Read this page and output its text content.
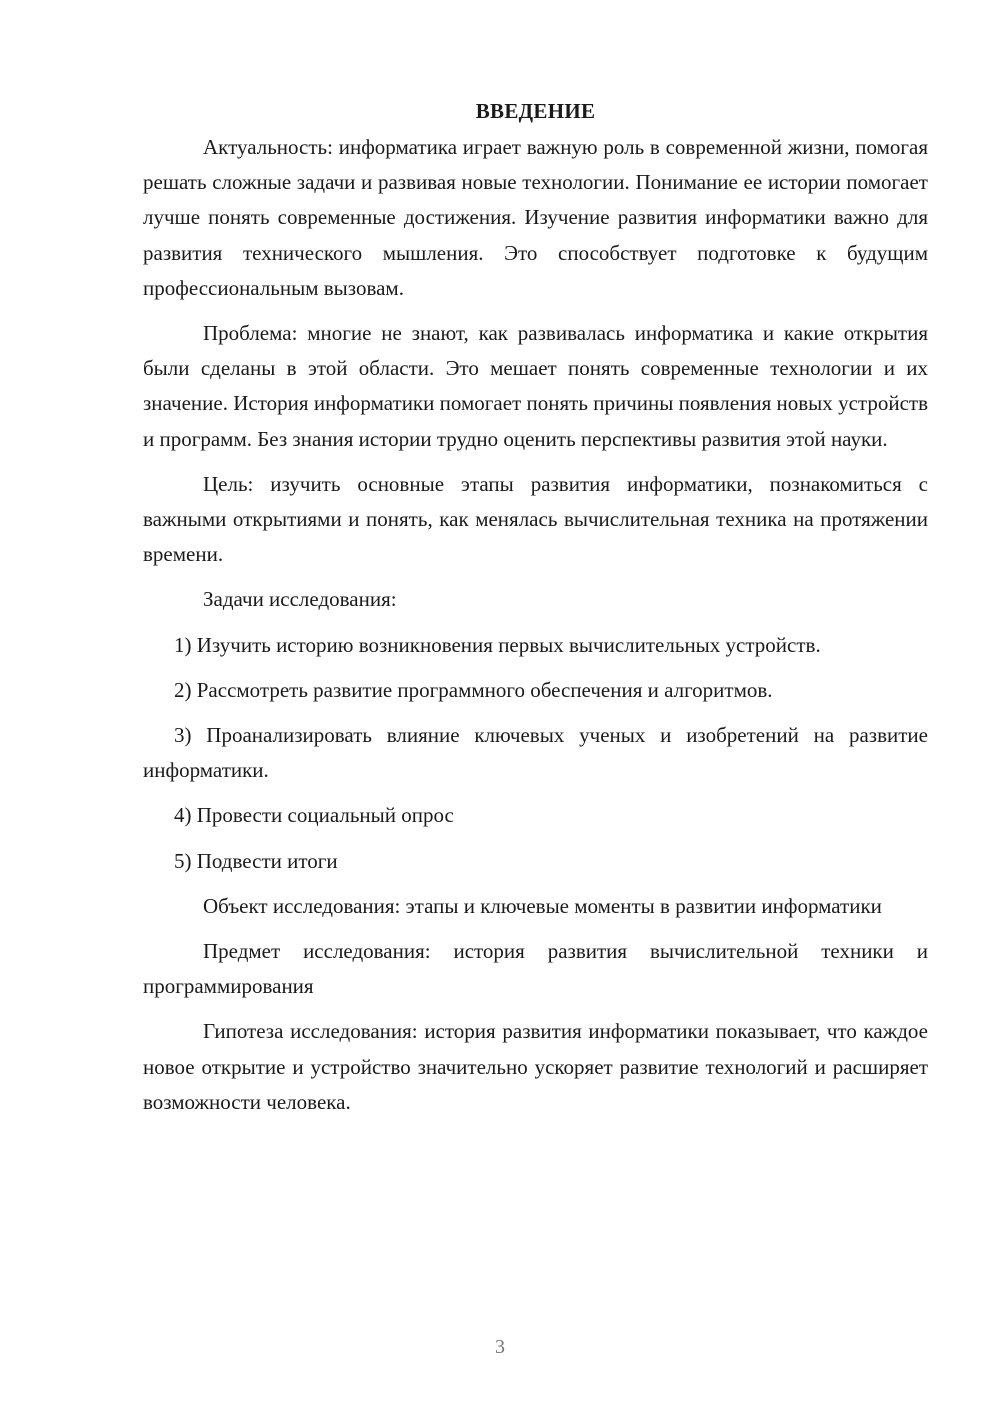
ВВЕДЕНИЕ

Актуальность: информатика играет важную роль в современной жизни, помогая решать сложные задачи и развивая новые технологии. Понимание ее истории помогает лучше понять современные достижения. Изучение развития информатики важно для развития технического мышления. Это способствует подготовке к будущим профессиональным вызовам.

Проблема: многие не знают, как развивалась информатика и какие открытия были сделаны в этой области. Это мешает понять современные технологии и их значение. История информатики помогает понять причины появления новых устройств и программ. Без знания истории трудно оценить перспективы развития этой науки.

Цель: изучить основные этапы развития информатики, познакомиться с важными открытиями и понять, как менялась вычислительная техника на протяжении времени.

Задачи исследования:

1) Изучить историю возникновения первых вычислительных устройств.

2) Рассмотреть развитие программного обеспечения и алгоритмов.

3) Проанализировать влияние ключевых ученых и изобретений на развитие информатики.

4) Провести социальный опрос

5) Подвести итоги

Объект исследования: этапы и ключевые моменты в развитии информатики

Предмет исследования: история развития вычислительной техники и программирования

Гипотеза исследования: история развития информатики показывает, что каждое новое открытие и устройство значительно ускоряет развитие технологий и расширяет возможности человека.

3
